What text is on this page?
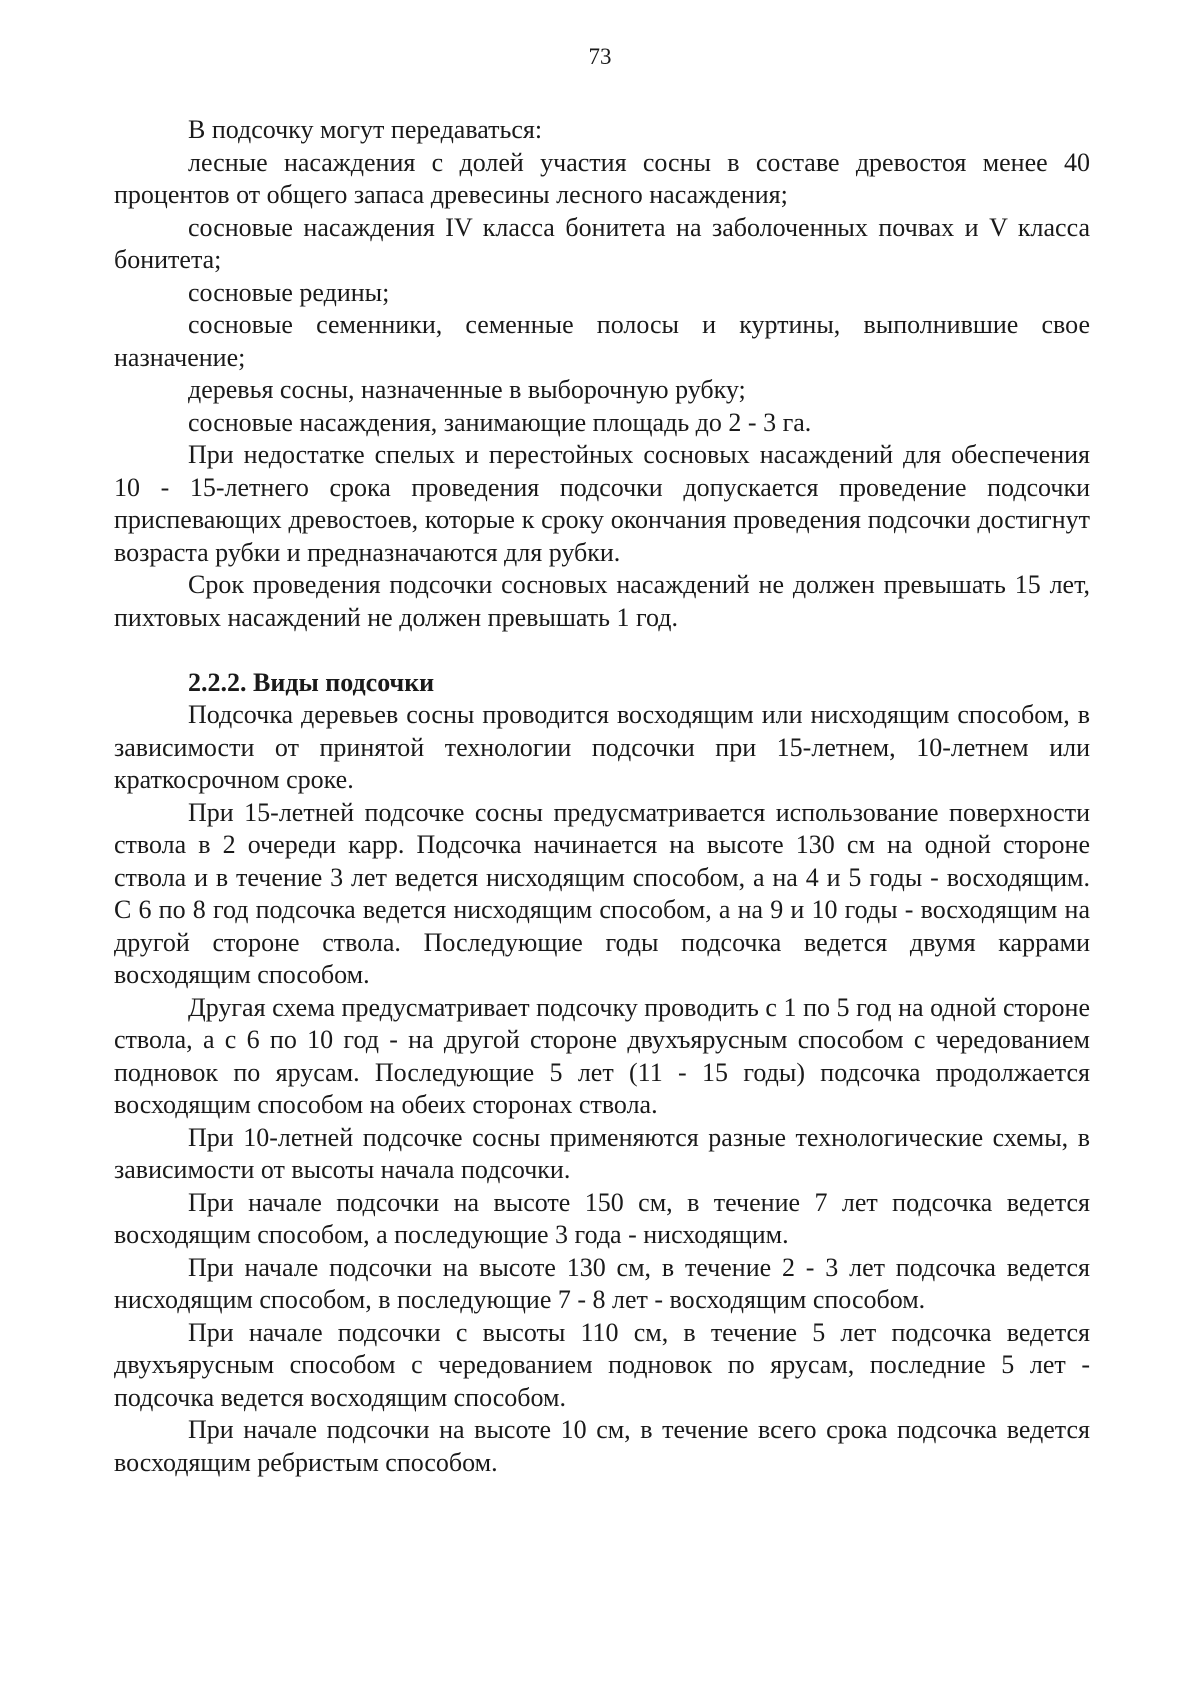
73

В подсочку могут передаваться:

лесные насаждения с долей участия сосны в составе древостоя менее 40 процентов от общего запаса древесины лесного насаждения;

сосновые насаждения IV класса бонитета на заболоченных почвах и V класса бонитета;

сосновые редины;

сосновые семенники, семенные полосы и куртины, выполнившие свое назначение;

деревья сосны, назначенные в выборочную рубку;

сосновые насаждения, занимающие площадь до 2 - 3 га.

При недостатке спелых и перестойных сосновых насаждений для обеспечения 10 - 15-летнего срока проведения подсочки допускается проведение подсочки приспевающих древостоев, которые к сроку окончания проведения подсочки достигнут возраста рубки и предназначаются для рубки.

Срок проведения подсочки сосновых насаждений не должен превышать 15 лет, пихтовых насаждений не должен превышать 1 год.

2.2.2. Виды подсочки

Подсочка деревьев сосны проводится восходящим или нисходящим способом, в зависимости от принятой технологии подсочки при 15-летнем, 10-летнем или краткосрочном сроке.

При 15-летней подсочке сосны предусматривается использование поверхности ствола в 2 очереди карр. Подсочка начинается на высоте 130 см на одной стороне ствола и в течение 3 лет ведется нисходящим способом, а на 4 и 5 годы - восходящим. С 6 по 8 год подсочка ведется нисходящим способом, а на 9 и 10 годы - восходящим на другой стороне ствола. Последующие годы подсочка ведется двумя каррами восходящим способом.

Другая схема предусматривает подсочку проводить с 1 по 5 год на одной стороне ствола, а с 6 по 10 год - на другой стороне двухъярусным способом с чередованием подновок по ярусам. Последующие 5 лет (11 - 15 годы) подсочка продолжается восходящим способом на обеих сторонах ствола.

При 10-летней подсочке сосны применяются разные технологические схемы, в зависимости от высоты начала подсочки.

При начале подсочки на высоте 150 см, в течение 7 лет подсочка ведется восходящим способом, а последующие 3 года - нисходящим.

При начале подсочки на высоте 130 см, в течение 2 - 3 лет подсочка ведется нисходящим способом, в последующие 7 - 8 лет - восходящим способом.

При начале подсочки с высоты 110 см, в течение 5 лет подсочка ведется двухъярусным способом с чередованием подновок по ярусам, последние 5 лет - подсочка ведется восходящим способом.

При начале подсочки на высоте 10 см, в течение всего срока подсочка ведется восходящим ребристым способом.
